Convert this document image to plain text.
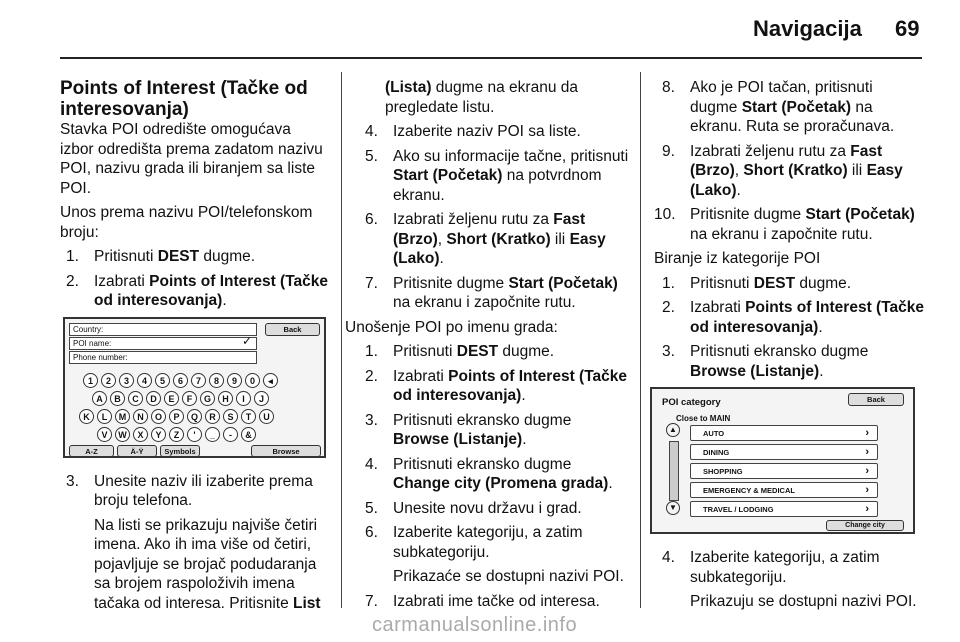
Navigacija 69
Points of Interest (Tačke od interesovanja)

Stavka POI odredište omogućava izbor odredišta prema zadatom nazivu POI, nazivu grada ili biranjem sa liste POI.

Unos prema nazivu POI/telefonskom broju:

1. Pritisnuti DEST dugme.
2. Izabrati Points of Interest (Tačke od interesovanja).
Country:
POI name:	✓
Phone number:
Back
1	2	3	4	5	6	7	8	9	0	◂
A	B	C	D	E	F	G	H	I	J
K	L	M	N	O	P	Q	R	S	T	U
V	W	X	Y	Z	'	_	-	&
A-Z	Ä-Ÿ	Symbols	Browse
3. Unesite naziv ili izaberite prema broju telefona.
Na listi se prikazuju najviše četiri imena. Ako ih ima više od četiri, pojavljuje se brojač podudaranja sa brojem raspoloživih imena tačaka od interesa. Pritisnite List
(Lista) dugme na ekranu da pregledate listu.
4. Izaberite naziv POI sa liste.
5. Ako su informacije tačne, pritisnuti Start (Početak) na potvrdnom ekranu.
6. Izabrati željenu rutu za Fast (Brzo), Short (Kratko) ili Easy (Lako).
7. Pritisnite dugme Start (Početak) na ekranu i započnite rutu.

Unošenje POI po imenu grada:

1. Pritisnuti DEST dugme.
2. Izabrati Points of Interest (Tačke od interesovanja).
3. Pritisnuti ekransko dugme Browse (Listanje).
4. Pritisnuti ekransko dugme Change city (Promena grada).
5. Unesite novu državu i grad.
6. Izaberite kategoriju, a zatim subkategoriju.
Prikazaće se dostupni nazivi POI.
7. Izabrati ime tačke od interesa.
8. Ako je POI tačan, pritisnuti dugme Start (Početak) na ekranu. Ruta se proračunava.
9. Izabrati željenu rutu za Fast (Brzo), Short (Kratko) ili Easy (Lako).
10. Pritisnite dugme Start (Početak) na ekranu i započnite rutu.

Biranje iz kategorije POI

1. Pritisnuti DEST dugme.
2. Izabrati Points of Interest (Tačke od interesovanja).
3. Pritisnuti ekransko dugme Browse (Listanje).
POI category	Back
Close to MAIN
▲
▼
AUTO	›
DINING	›
SHOPPING	›
EMERGENCY & MEDICAL	›
TRAVEL / LODGING	›
Change city
4. Izaberite kategoriju, a zatim subkategoriju.
Prikazuju se dostupni nazivi POI.
carmanualsonline.info
